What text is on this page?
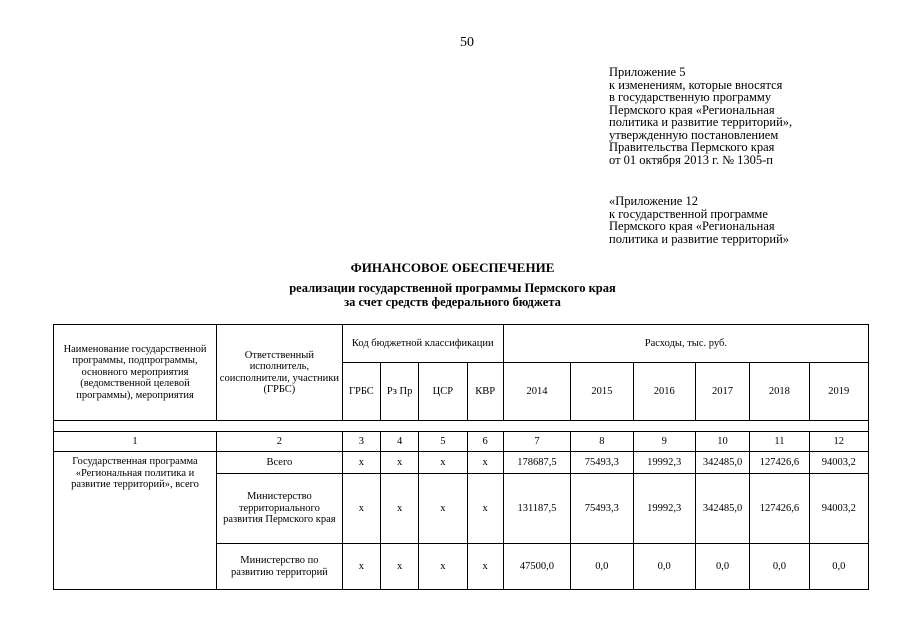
50
Приложение 5
к изменениям, которые вносятся
в государственную программу
Пермского края «Региональная
политика и развитие территорий»,
утвержденную постановлением
Правительства Пермского края
от 01 октября 2013 г. № 1305-п
«Приложение 12
к государственной программе
Пермского края «Региональная
политика и развитие территорий»
ФИНАНСОВОЕ ОБЕСПЕЧЕНИЕ
реализации государственной программы Пермского края
за счет средств федерального бюджета
Наименование государственной программы, подпрограммы, основного мероприятия (ведомственной целевой программы), мероприятия	Ответственный исполнитель, соисполнители, участники (ГРБС)	Код бюджетной классификации				Расходы, тыс. руб.					
		ГРБС	Рз Пр	ЦСР	КВР	2014	2015	2016	2017	2018	2019

1	2	3	4	5	6	7	8	9	10	11	12
Государственная программа «Региональная политика и развитие территорий», всего	Всего	х	х	х	х	178687,5	75493,3	19992,3	342485,0	127426,6	94003,2
	Министерство территориального развития Пермского края	х	х	х	х	131187,5	75493,3	19992,3	342485,0	127426,6	94003,2
	Министерство по развитию территорий	х	х	х	х	47500,0	0,0	0,0	0,0	0,0	0,0
